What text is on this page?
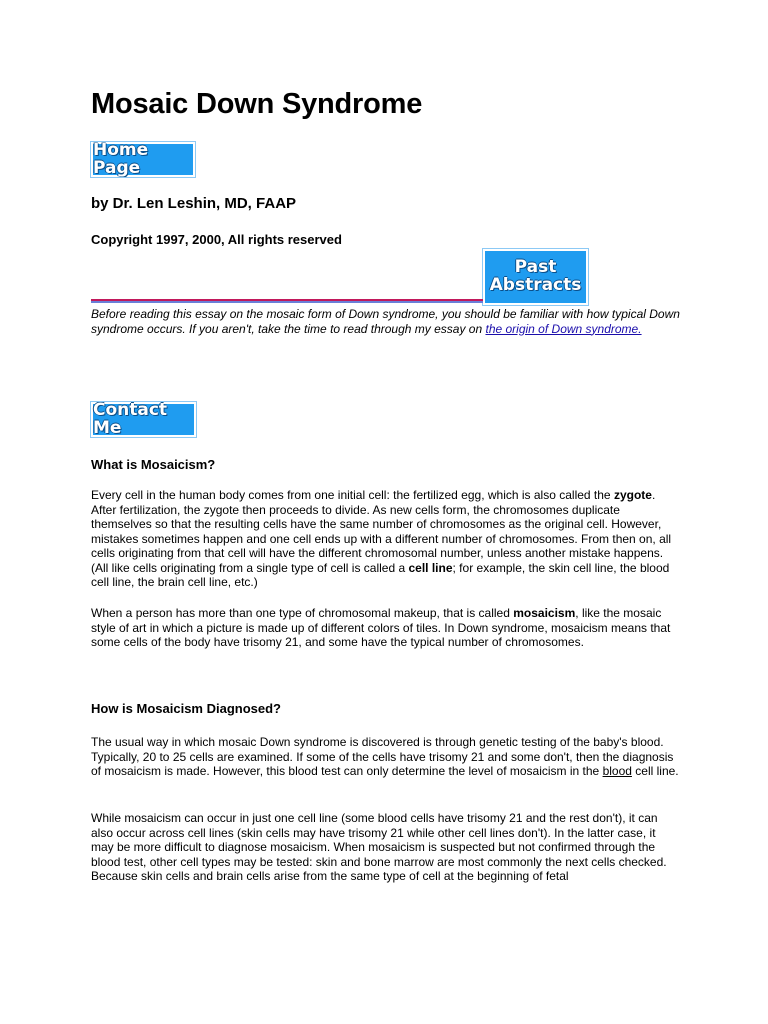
Mosaic Down Syndrome
Home Page

by Dr. Len Leshin, MD, FAAP

Copyright 1997, 2000, All rights reserved

Past
Abstracts

Before reading this essay on the mosaic form of Down syndrome, you should be familiar with how typical Down syndrome occurs. If you aren't, take the time to read through my essay on the origin of Down syndrome.

Contact Me
What is Mosaicism?

Every cell in the human body comes from one initial cell: the fertilized egg, which is also called the zygote. After fertilization, the zygote then proceeds to divide. As new cells form, the chromosomes duplicate themselves so that the resulting cells have the same number of chromosomes as the original cell. However, mistakes sometimes happen and one cell ends up with a different number of chromosomes. From then on, all cells originating from that cell will have the different chromosomal number, unless another mistake happens. (All like cells originating from a single type of cell is called a cell line; for example, the skin cell line, the blood cell line, the brain cell line, etc.)

When a person has more than one type of chromosomal makeup, that is called mosaicism, like the mosaic style of art in which a picture is made up of different colors of tiles. In Down syndrome, mosaicism means that some cells of the body have trisomy 21, and some have the typical number of chromosomes.

How is Mosaicism Diagnosed?

The usual way in which mosaic Down syndrome is discovered is through genetic testing of the baby's blood. Typically, 20 to 25 cells are examined. If some of the cells have trisomy 21 and some don't, then the diagnosis of mosaicism is made. However, this blood test can only determine the level of mosaicism in the blood cell line.

While mosaicism can occur in just one cell line (some blood cells have trisomy 21 and the rest don't), it can also occur across cell lines (skin cells may have trisomy 21 while other cell lines don't). In the latter case, it may be more difficult to diagnose mosaicism. When mosaicism is suspected but not confirmed through the blood test, other cell types may be tested: skin and bone marrow are most commonly the next cells checked. Because skin cells and brain cells arise from the same type of cell at the beginning of fetal
